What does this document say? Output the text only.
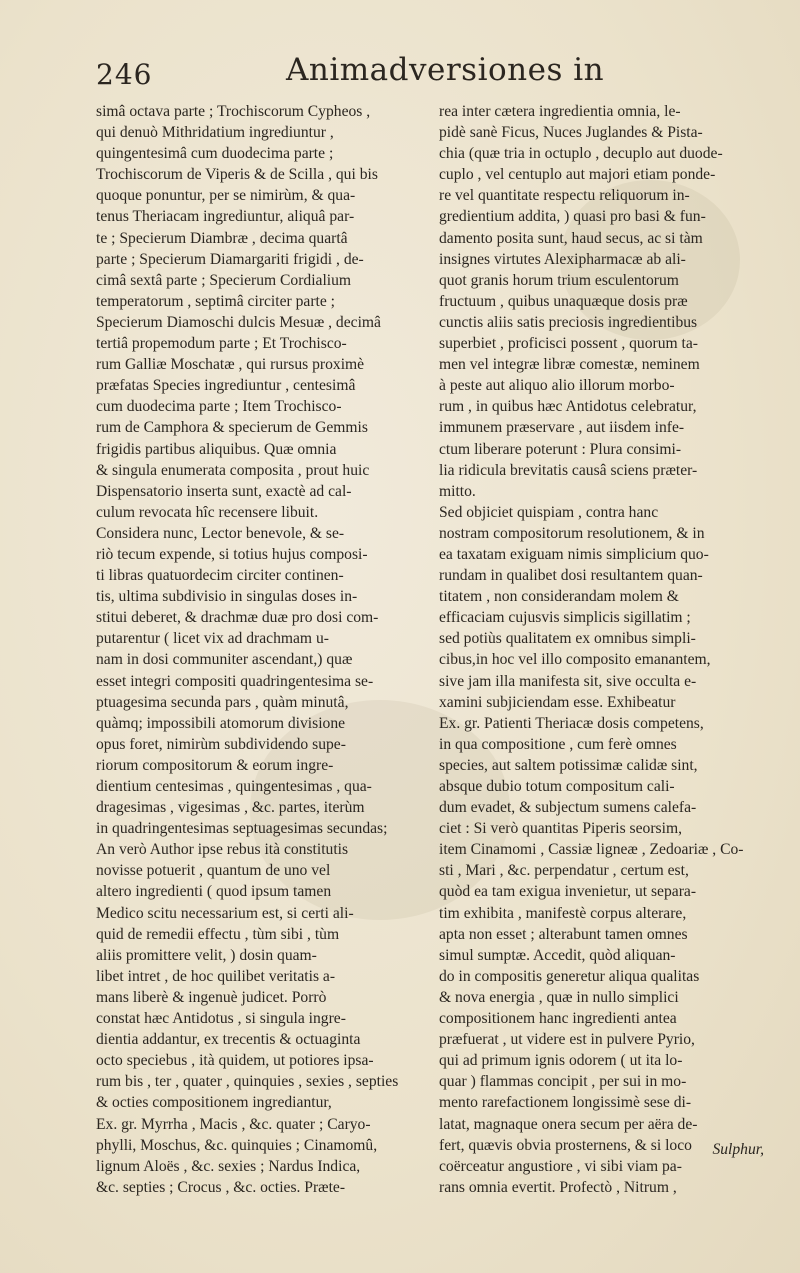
246	Animadversiones in
simâ octava parte ; Trochiscorum Cypheos ,
qui denuò Mithridatium ingrediuntur ,
quingentesimâ cum duodecima parte ;
Trochiscorum de Viperis & de Scilla , qui bis
quoque ponuntur, per se nimirùm, & qua-
tenus Theriacam ingrediuntur, aliquâ par-
te ; Specierum Diambræ , decima quartâ
parte ; Specierum Diamargariti frigidi , de-
cimâ sextâ parte ; Specierum Cordialium
temperatorum , septimâ circiter parte ;
Specierum Diamoschi dulcis Mesuæ , decimâ
tertiâ propemodum parte ; Et Trochisco-
rum Galliæ Moschatæ , qui rursus proximè
præfatas Species ingrediuntur , centesimâ
cum duodecima parte ; Item Trochisco-
rum de Camphora & specierum de Gemmis
frigidis partibus aliquibus. Quæ omnia
& singula enumerata composita , prout huic
Dispensatorio inserta sunt, exactè ad cal-
culum revocata hîc recensere libuit.
Considera nunc, Lector benevole, & se-
riò tecum expende, si totius hujus composi-
ti libras quatuordecim circiter continen-
tis, ultima subdivisio in singulas doses in-
stitui deberet, & drachmæ duæ pro dosi com-
putarentur ( licet vix ad drachmam u-
nam in dosi communiter ascendant,) quæ
esset integri compositi quadringentesima se-
ptuagesima secunda pars , quàm minutâ,
quàmq; impossibili atomorum divisione
opus foret, nimirùm subdividendo supe-
riorum compositorum & eorum ingre-
dientium centesimas , quingentesimas , qua-
dragesimas , vigesimas , &c. partes, iterùm
in quadringentesimas septuagesimas secundas;
An verò Author ipse rebus ità constitutis
novisse potuerit , quantum de uno vel
altero ingredienti ( quod ipsum tamen
Medico scitu necessarium est, si certi ali-
quid de remedii effectu , tùm sibi , tùm
aliis promittere velit, ) dosin quam-
libet intret , de hoc quilibet veritatis a-
mans liberè & ingenuè judicet. Porrò
constat hæc Antidotus , si singula ingre-
dientia addantur, ex trecentis & octuaginta
octo speciebus , ità quidem, ut potiores ipsa-
rum bis , ter , quater , quinquies , sexies , septies
& octies compositionem ingrediantur,
Ex. gr. Myrrha , Macis , &c. quater ; Caryo-
phylli, Moschus, &c. quinquies ; Cinamomû,
lignum Aloës , &c. sexies ; Nardus Indica,
&c. septies ; Crocus , &c. octies. Præte-
rea inter cætera ingredientia omnia, le-
pidè sanè Ficus, Nuces Juglandes & Pista-
chia (quæ tria in octuplo , decuplo aut duode-
cuplo , vel centuplo aut majori etiam ponde-
re vel quantitate respectu reliquorum in-
gredientium addita, ) quasi pro basi & fun-
damento posita sunt, haud secus, ac si tàm
insignes virtutes Alexipharmacæ ab ali-
quot granis horum trium esculentorum
fructuum , quibus unaquæque dosis præ
cunctis aliis satis preciosis ingredientibus
superbiet , proficisci possent , quorum ta-
men vel integræ libræ comestæ, neminem
à peste aut aliquo alio illorum morbo-
rum , in quibus hæc Antidotus celebratur,
immunem præservare , aut iisdem infe-
ctum liberare poterunt : Plura consimi-
lia ridicula brevitatis causâ sciens præter-
mitto.
Sed objiciet quispiam , contra hanc
nostram compositorum resolutionem, & in
ea taxatam exiguam nimis simplicium quo-
rundam in qualibet dosi resultantem quan-
titatem , non considerandam molem &
efficaciam cujusvis simplicis sigillatim ;
sed potiùs qualitatem ex omnibus simpli-
cibus,in hoc vel illo composito emanantem,
sive jam illa manifesta sit, sive occulta e-
xamini subjiciendam esse. Exhibeatur
Ex. gr. Patienti Theriacæ dosis competens,
in qua compositione , cum ferè omnes
species, aut saltem potissimæ calidæ sint,
absque dubio totum compositum cali-
dum evadet, & subjectum sumens calefa-
ciet : Si verò quantitas Piperis seorsim,
item Cinamomi , Cassiæ ligneæ , Zedoariæ , Co-
sti , Mari , &c. perpendatur , certum est,
quòd ea tam exigua invenietur, ut separa-
tim exhibita , manifestè corpus alterare,
apta non esset ; alterabunt tamen omnes
simul sumptæ. Accedit, quòd aliquan-
do in compositis generetur aliqua qualitas
& nova energia , quæ in nullo simplici
compositionem hanc ingredienti antea
præfuerat , ut videre est in pulvere Pyrio,
qui ad primum ignis odorem ( ut ita lo-
quar ) flammas concipit , per sui in mo-
mento rarefactionem longissimè sese di-
latat, magnaque onera secum per aëra de-
fert, quævis obvia prosternens, & si loco
coërceatur angustiore , vi sibi viam pa-
rans omnia evertit. Profectò , Nitrum ,
Sulphur,
